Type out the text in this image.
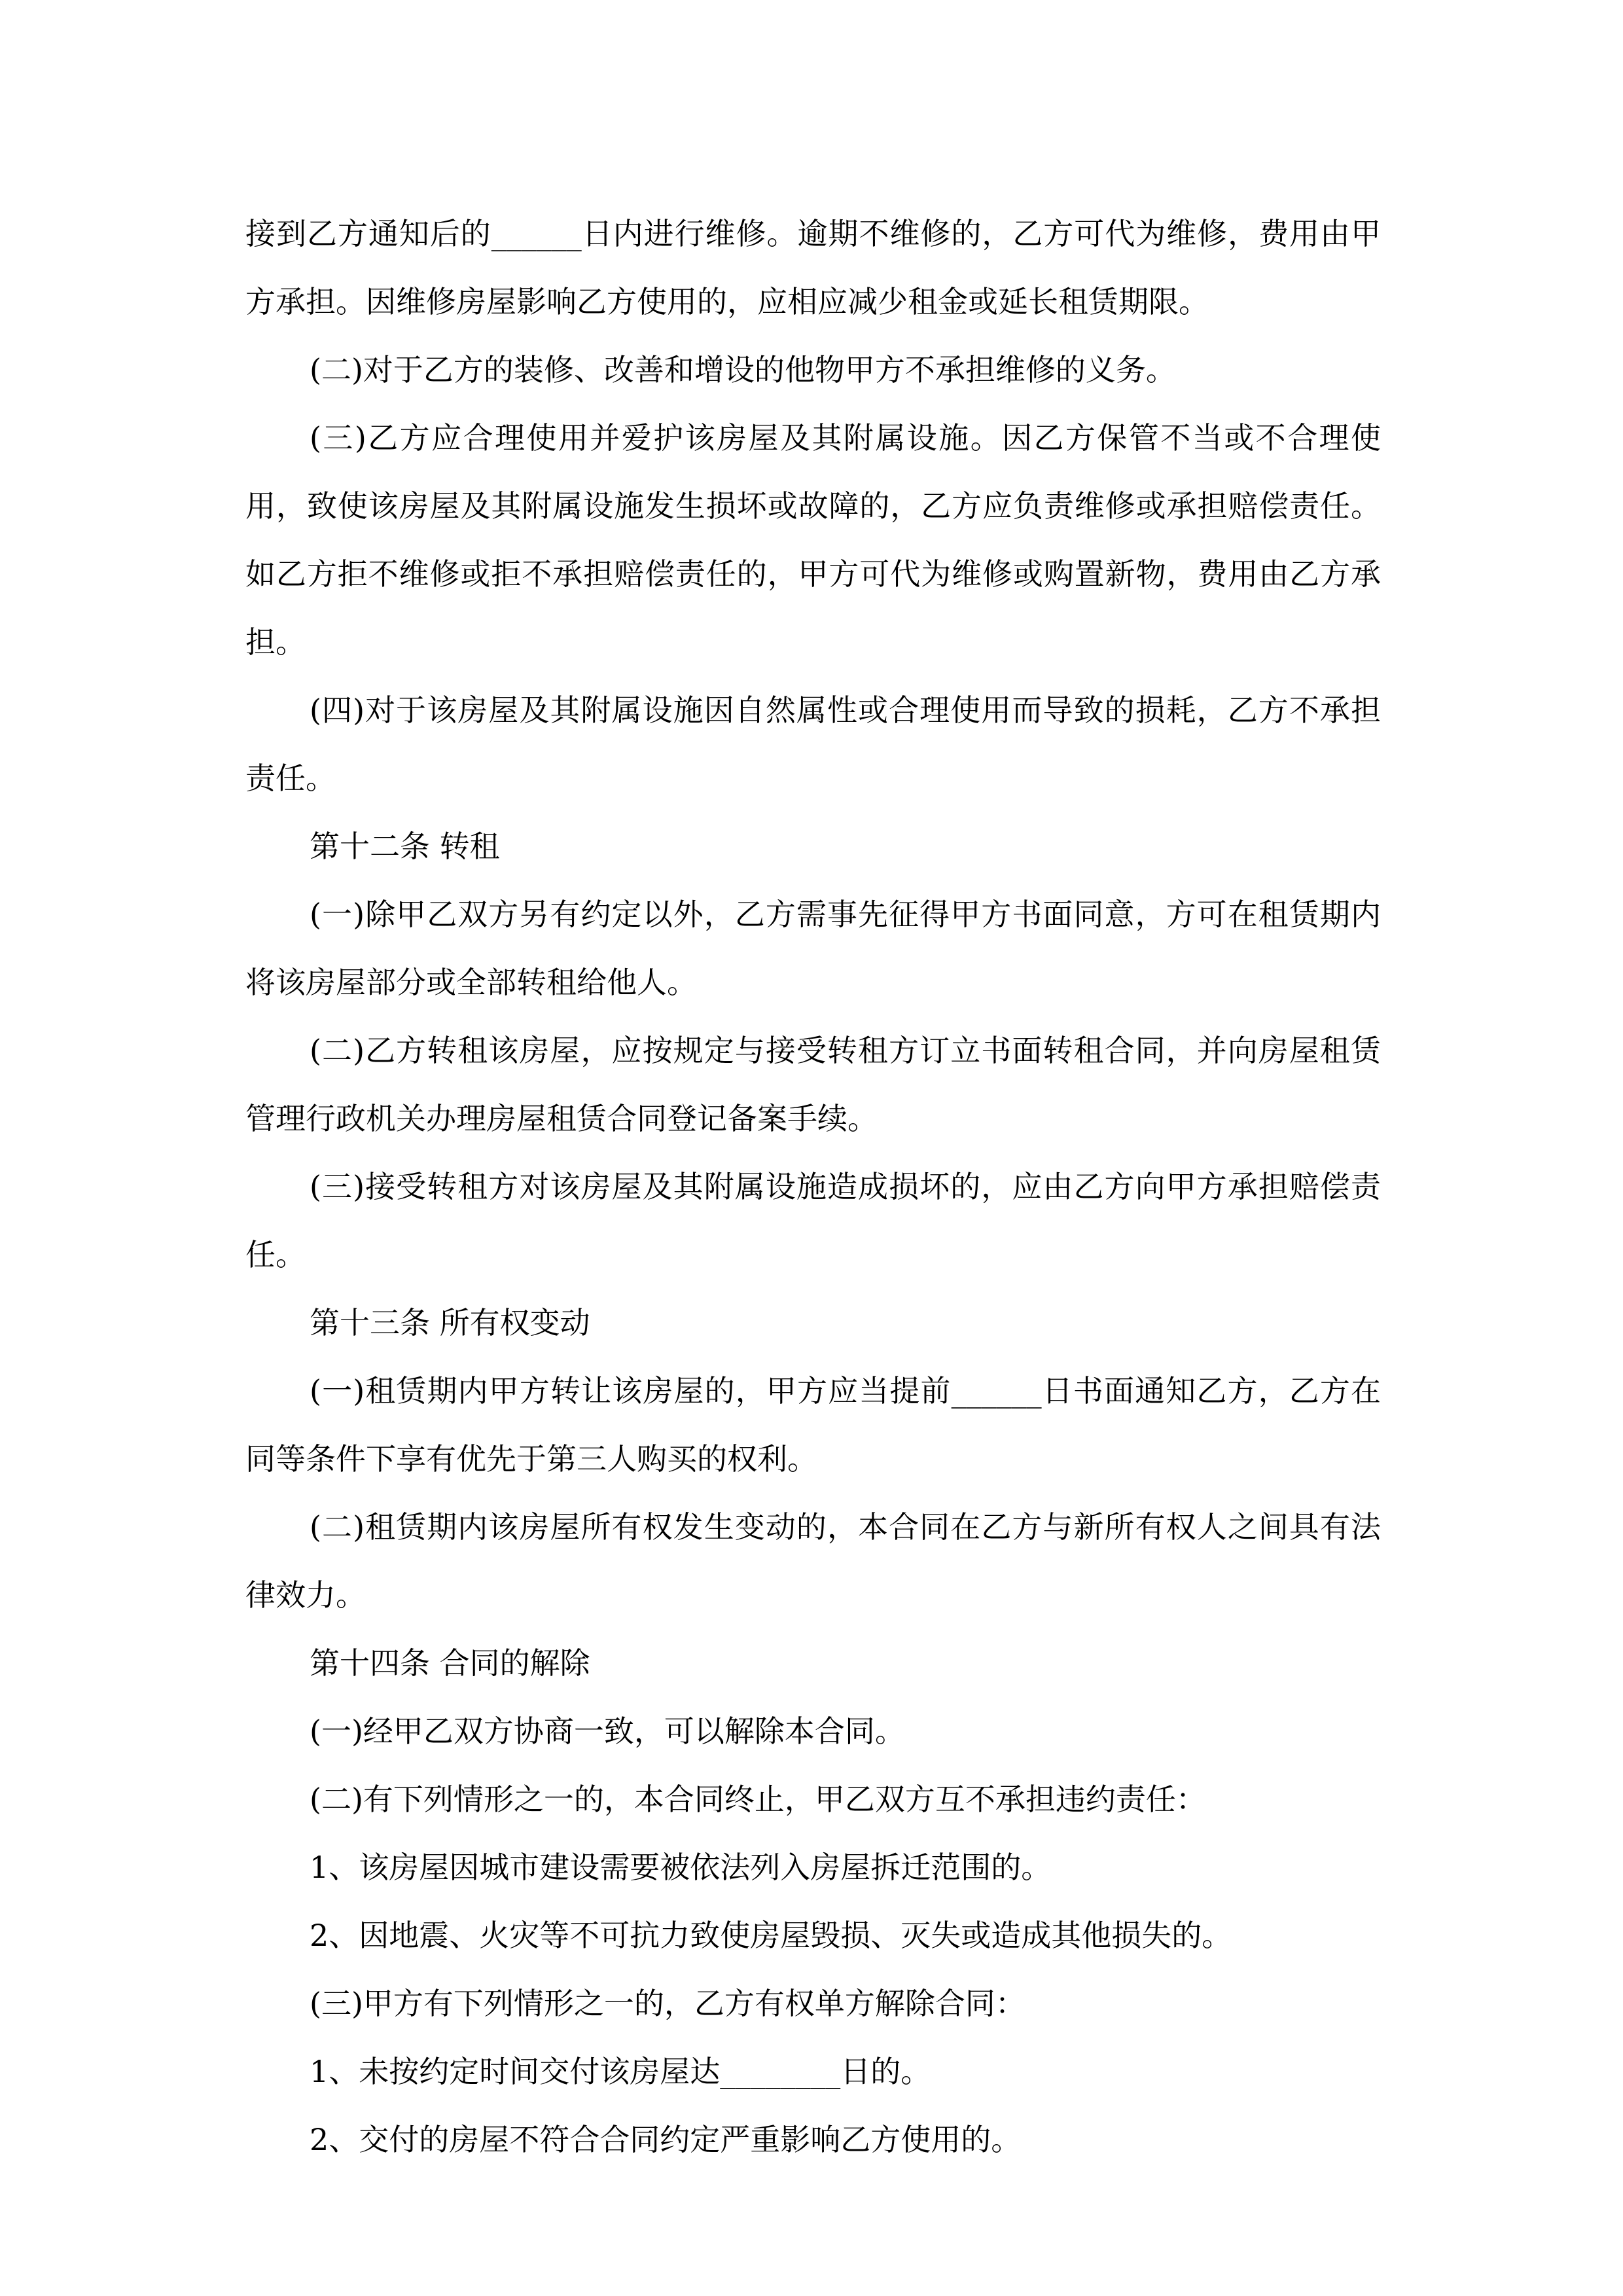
接到乙方通知后的______日内进行维修。逾期不维修的，乙方可代为维修，费用由甲方承担。因维修房屋影响乙方使用的，应相应减少租金或延长租赁期限。

(二)对于乙方的装修、改善和增设的他物甲方不承担维修的义务。

(三)乙方应合理使用并爱护该房屋及其附属设施。因乙方保管不当或不合理使用，致使该房屋及其附属设施发生损坏或故障的，乙方应负责维修或承担赔偿责任。如乙方拒不维修或拒不承担赔偿责任的，甲方可代为维修或购置新物，费用由乙方承担。

(四)对于该房屋及其附属设施因自然属性或合理使用而导致的损耗，乙方不承担责任。

第十二条 转租

(一)除甲乙双方另有约定以外，乙方需事先征得甲方书面同意，方可在租赁期内将该房屋部分或全部转租给他人。

(二)乙方转租该房屋，应按规定与接受转租方订立书面转租合同，并向房屋租赁管理行政机关办理房屋租赁合同登记备案手续。

(三)接受转租方对该房屋及其附属设施造成损坏的，应由乙方向甲方承担赔偿责任。

第十三条 所有权变动

(一)租赁期内甲方转让该房屋的，甲方应当提前______日书面通知乙方，乙方在同等条件下享有优先于第三人购买的权利。

(二)租赁期内该房屋所有权发生变动的，本合同在乙方与新所有权人之间具有法律效力。

第十四条 合同的解除

(一)经甲乙双方协商一致，可以解除本合同。

(二)有下列情形之一的，本合同终止，甲乙双方互不承担违约责任：

1、该房屋因城市建设需要被依法列入房屋拆迁范围的。

2、因地震、火灾等不可抗力致使房屋毁损、灭失或造成其他损失的。

(三)甲方有下列情形之一的，乙方有权单方解除合同：

1、未按约定时间交付该房屋达________日的。

2、交付的房屋不符合合同约定严重影响乙方使用的。
